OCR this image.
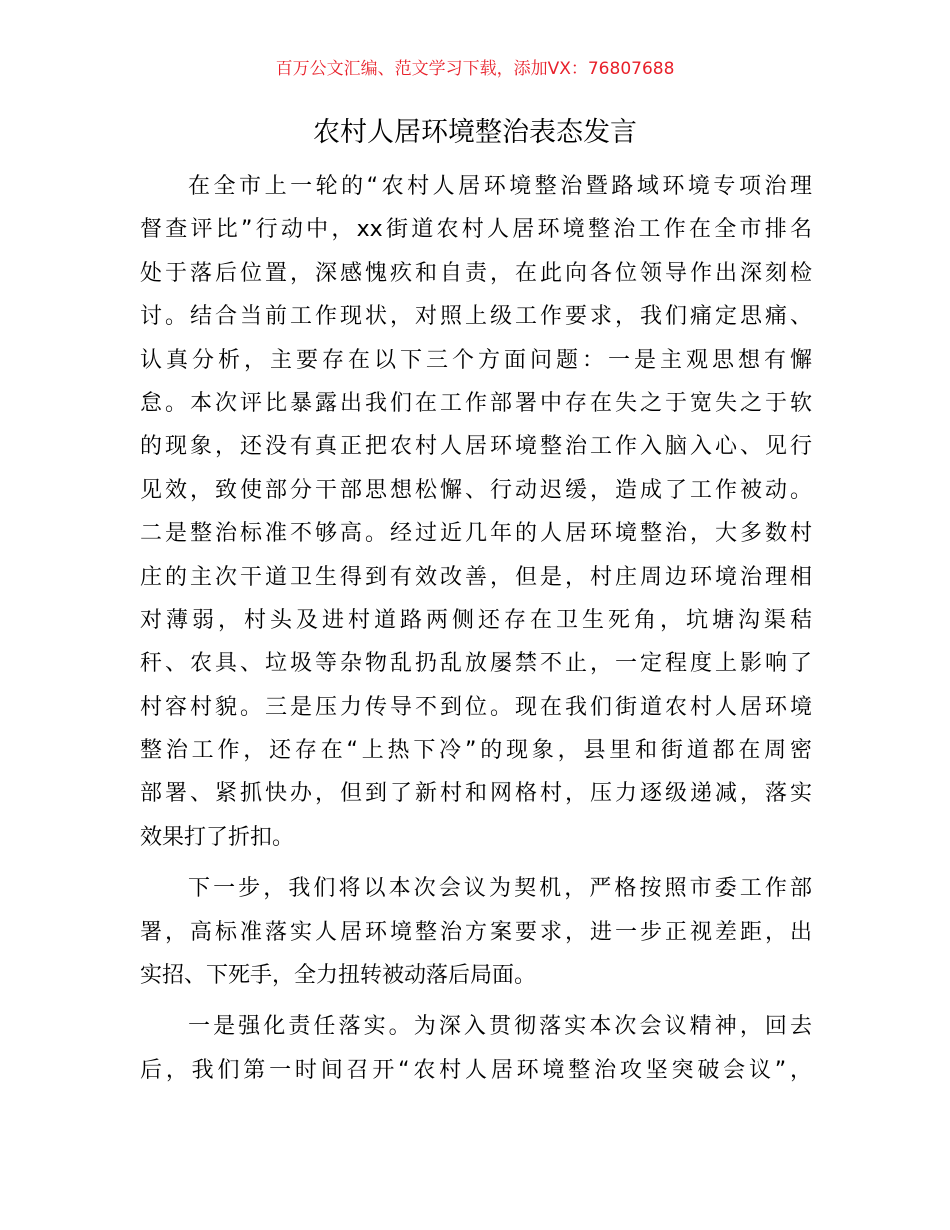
百万公文汇编、范文学习下载，添加VX：76807688
农村人居环境整治表态发言
在全市上一轮的“农村人居环境整治暨路域环境专项治理
督查评比”行动中，xx街道农村人居环境整治工作在全市排名
处于落后位置，深感愧疚和自责，在此向各位领导作出深刻检
讨。结合当前工作现状，对照上级工作要求，我们痛定思痛、
认真分析，主要存在以下三个方面问题：一是主观思想有懈
怠。本次评比暴露出我们在工作部署中存在失之于宽失之于软
的现象，还没有真正把农村人居环境整治工作入脑入心、见行
见效，致使部分干部思想松懈、行动迟缓，造成了工作被动。
二是整治标准不够高。经过近几年的人居环境整治，大多数村
庄的主次干道卫生得到有效改善，但是，村庄周边环境治理相
对薄弱，村头及进村道路两侧还存在卫生死角，坑塘沟渠秸
秆、农具、垃圾等杂物乱扔乱放屡禁不止，一定程度上影响了
村容村貌。三是压力传导不到位。现在我们街道农村人居环境
整治工作，还存在“上热下冷”的现象，县里和街道都在周密
部署、紧抓快办，但到了新村和网格村，压力逐级递减，落实
效果打了折扣。
下一步，我们将以本次会议为契机，严格按照市委工作部
署，高标准落实人居环境整治方案要求，进一步正视差距，出
实招、下死手，全力扭转被动落后局面。
一是强化责任落实。为深入贯彻落实本次会议精神，回去
后，我们第一时间召开“农村人居环境整治攻坚突破会议”，
